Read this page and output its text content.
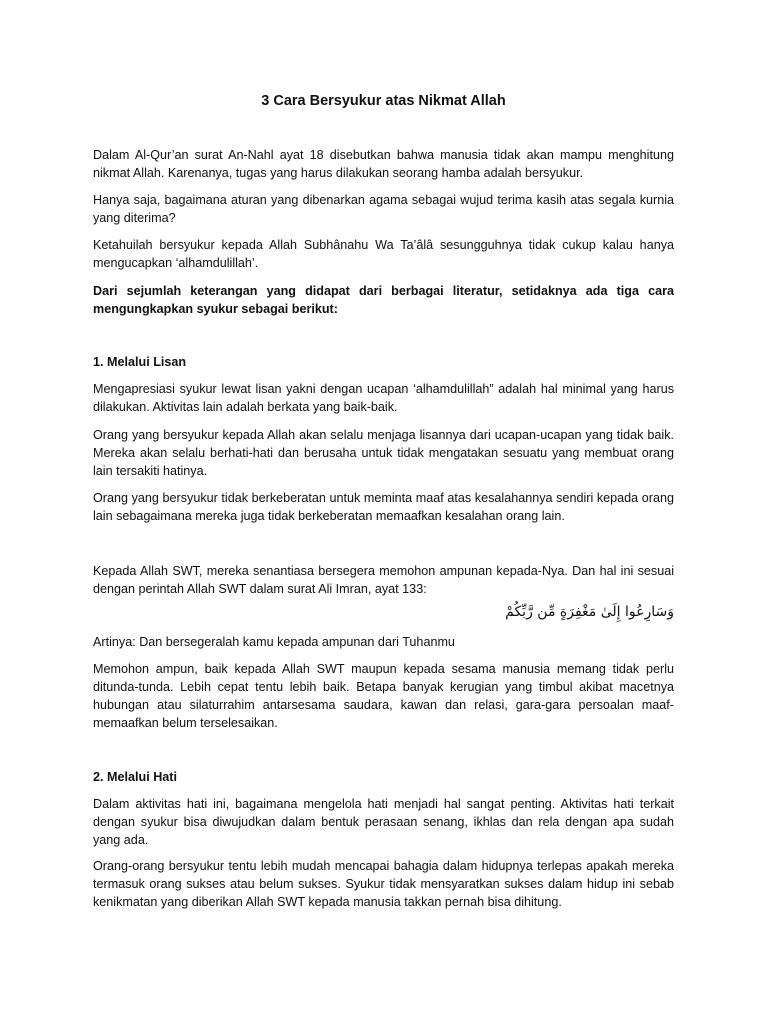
3 Cara Bersyukur atas Nikmat Allah

Dalam Al-Qur’an surat An-Nahl ayat 18 disebutkan bahwa manusia tidak akan mampu menghitung nikmat Allah. Karenanya, tugas yang harus dilakukan seorang hamba adalah bersyukur.

Hanya saja, bagaimana aturan yang dibenarkan agama sebagai wujud terima kasih atas segala kurnia yang diterima?

Ketahuilah bersyukur kepada Allah Subhânahu Wa Ta’âlâ sesungguhnya tidak cukup kalau hanya mengucapkan ‘alhamdulillah’.

Dari sejumlah keterangan yang didapat dari berbagai literatur, setidaknya ada tiga cara mengungkapkan syukur sebagai berikut:

1. Melalui Lisan

Mengapresiasi syukur lewat lisan yakni dengan ucapan ‘alhamdulillah” adalah hal minimal yang harus dilakukan. Aktivitas lain adalah berkata yang baik-baik.

Orang yang bersyukur kepada Allah akan selalu menjaga lisannya dari ucapan-ucapan yang tidak baik. Mereka akan selalu berhati-hati dan berusaha untuk tidak mengatakan sesuatu yang membuat orang lain tersakiti hatinya.

Orang yang bersyukur tidak berkeberatan untuk meminta maaf atas kesalahannya sendiri kepada orang lain sebagaimana mereka juga tidak berkeberatan memaafkan kesalahan orang lain.

Kepada Allah SWT, mereka senantiasa bersegera memohon ampunan kepada-Nya. Dan hal ini sesuai dengan perintah Allah SWT dalam surat Ali Imran, ayat 133:

وَسَارِعُوا إِلَىٰ مَغْفِرَةٍ مِّن رَّبِّكُمْ

Artinya: Dan bersegeralah kamu kepada ampunan dari Tuhanmu

Memohon ampun, baik kepada Allah SWT maupun kepada sesama manusia memang tidak perlu ditunda-tunda. Lebih cepat tentu lebih baik. Betapa banyak kerugian yang timbul akibat macetnya hubungan atau silaturrahim antarsesama saudara, kawan dan relasi, gara-gara persoalan maaf-memaafkan belum terselesaikan.

2. Melalui Hati

Dalam aktivitas hati ini, bagaimana mengelola hati menjadi hal sangat penting. Aktivitas hati terkait dengan syukur bisa diwujudkan dalam bentuk perasaan senang, ikhlas dan rela dengan apa sudah yang ada.

Orang-orang bersyukur tentu lebih mudah mencapai bahagia dalam hidupnya terlepas apakah mereka termasuk orang sukses atau belum sukses. Syukur tidak mensyaratkan sukses dalam hidup ini sebab kenikmatan yang diberikan Allah SWT kepada manusia takkan pernah bisa dihitung.
